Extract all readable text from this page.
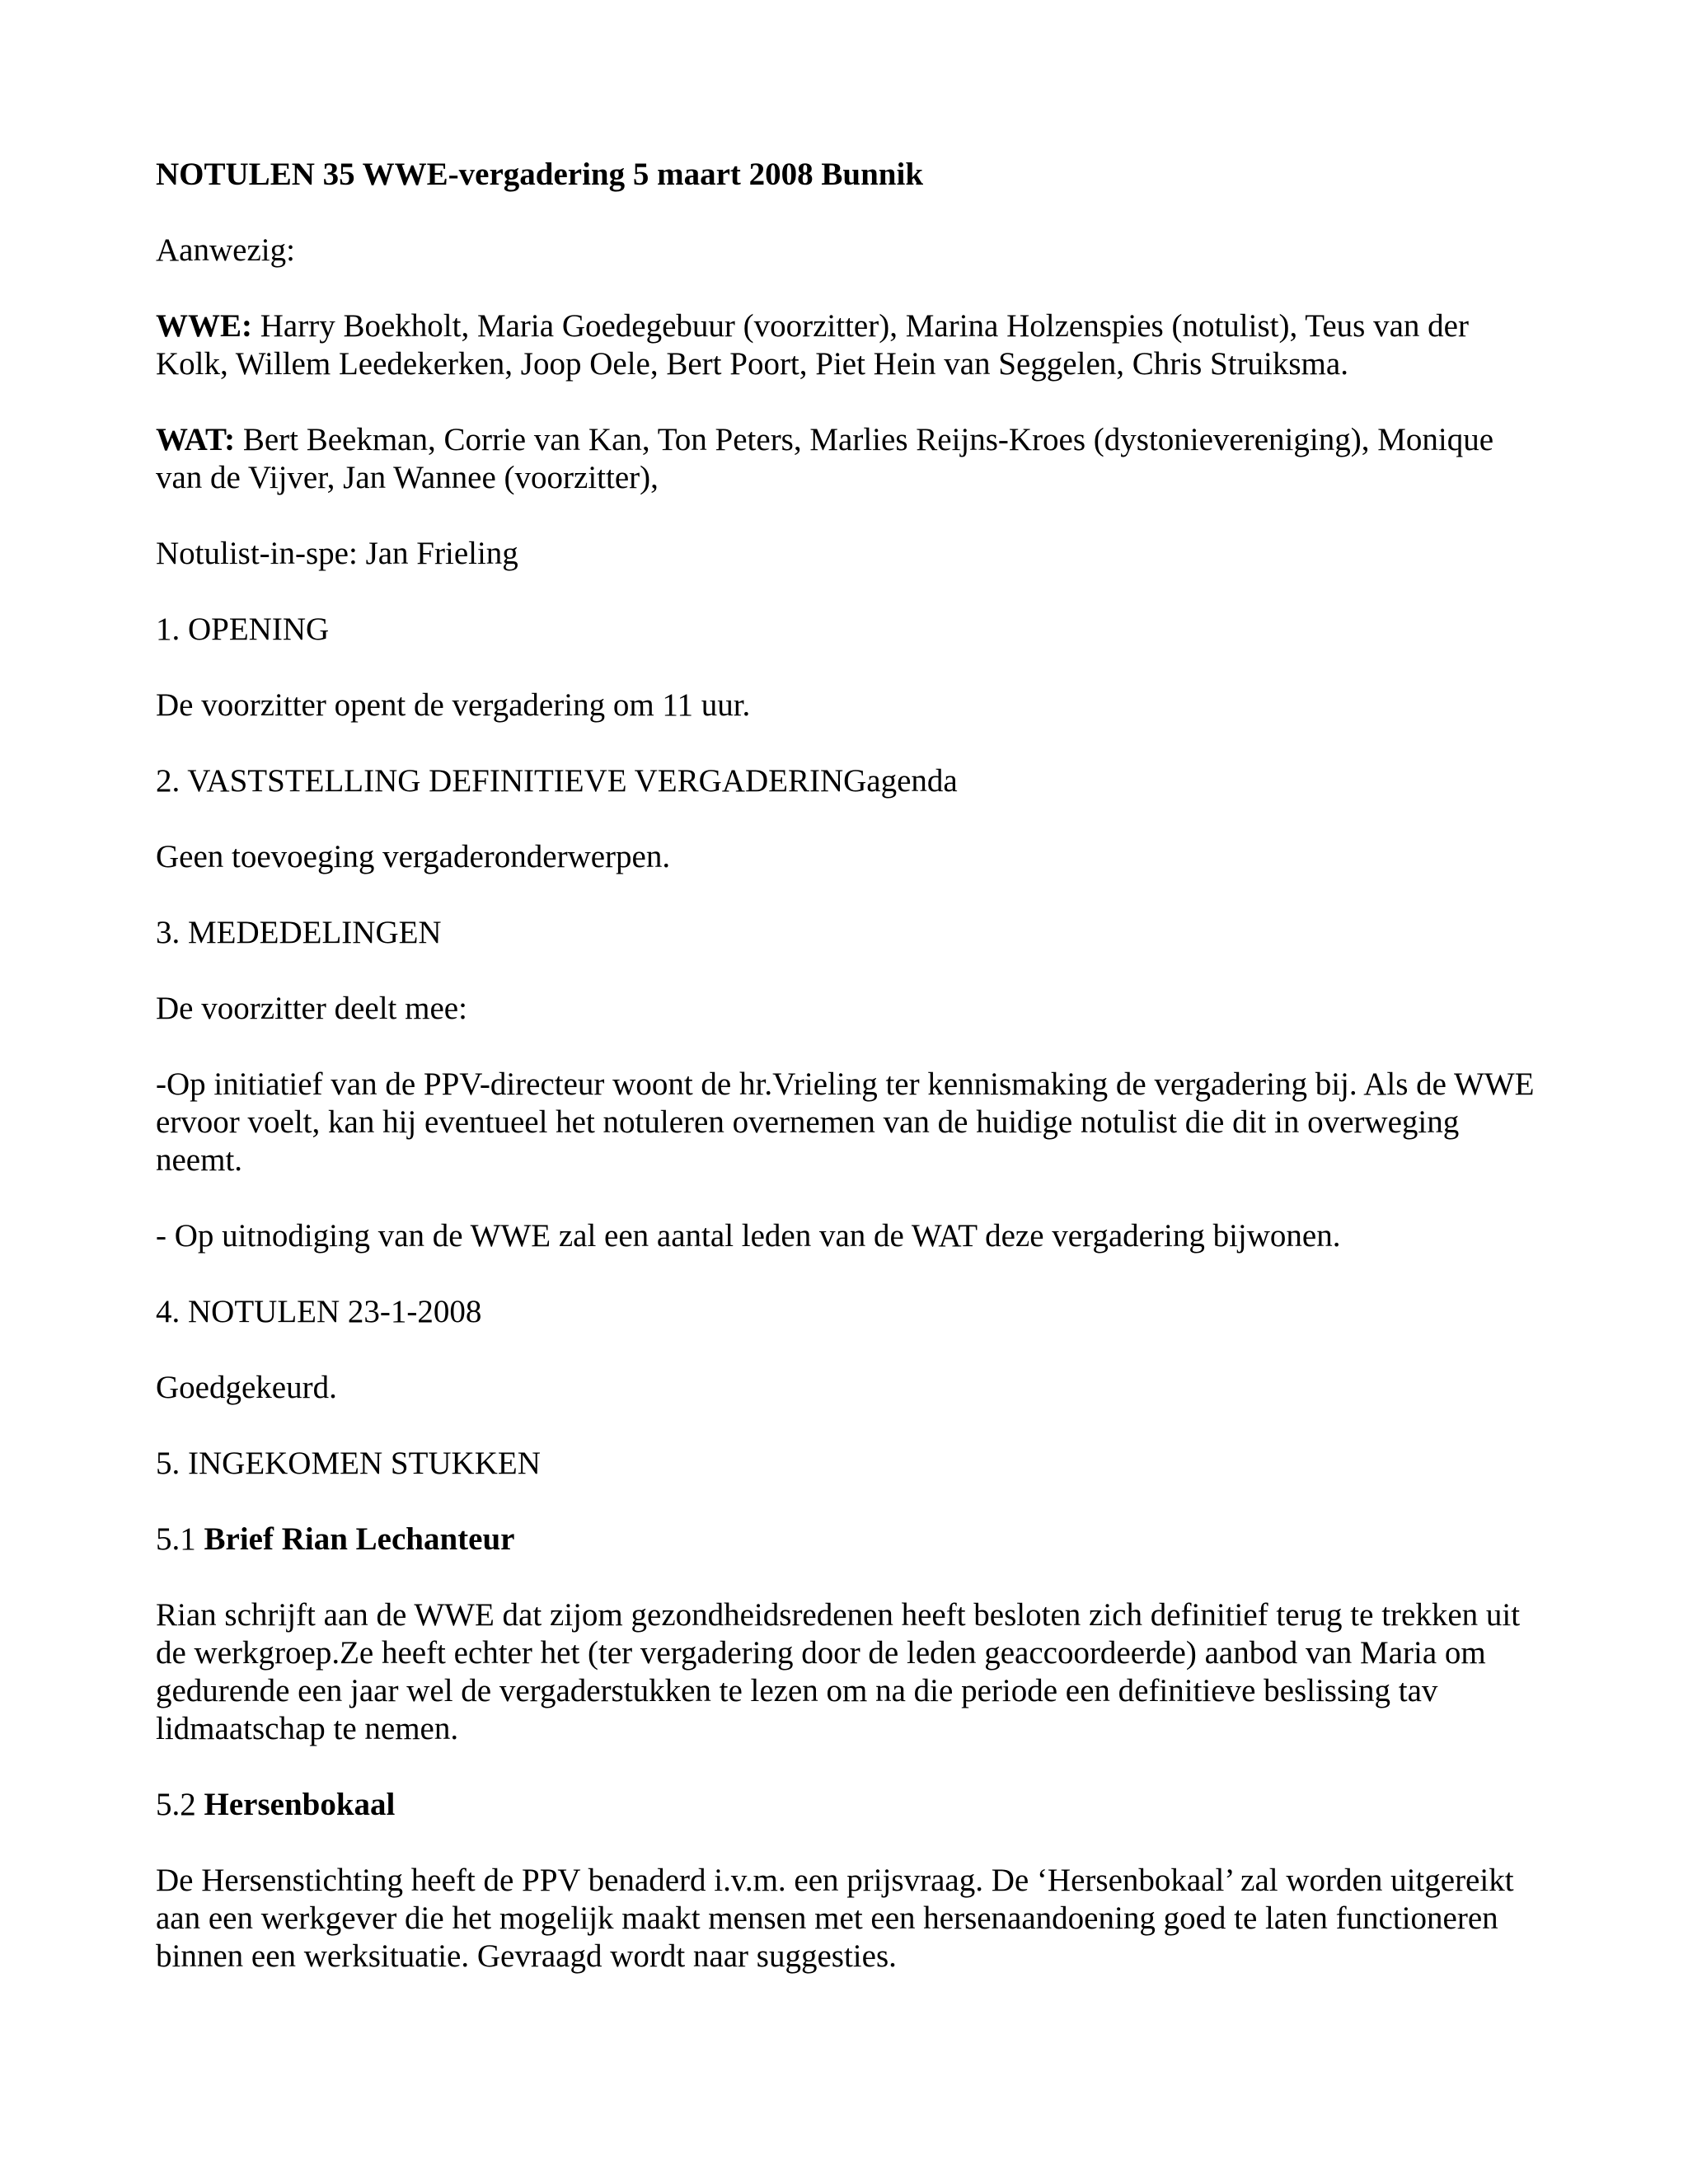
NOTULEN 35 WWE-vergadering 5 maart 2008 Bunnik

Aanwezig:

WWE: Harry Boekholt, Maria Goedegebuur (voorzitter), Marina Holzenspies (notulist), Teus van der Kolk, Willem Leedekerken, Joop Oele, Bert Poort, Piet Hein van Seggelen, Chris Struiksma.

WAT: Bert Beekman, Corrie van Kan, Ton Peters, Marlies Reijns-Kroes (dystonievereniging), Monique van de Vijver, Jan Wannee (voorzitter),

Notulist-in-spe: Jan Frieling

1. OPENING

De voorzitter opent de vergadering om 11 uur.

2. VASTSTELLING DEFINITIEVE VERGADERINGagenda

Geen toevoeging vergaderonderwerpen.

3. MEDEDELINGEN

De voorzitter deelt mee:

-Op initiatief van de PPV-directeur woont de hr.Vrieling ter kennismaking de vergadering bij. Als de WWE ervoor voelt, kan hij eventueel het notuleren overnemen van de huidige notulist die dit in overweging neemt.

- Op uitnodiging van de WWE zal een aantal leden van de WAT deze vergadering bijwonen.

4. NOTULEN 23-1-2008

Goedgekeurd.

5. INGEKOMEN STUKKEN

5.1 Brief Rian Lechanteur

Rian schrijft aan de WWE dat zijom gezondheidsredenen heeft besloten zich definitief terug te trekken uit de werkgroep.Ze heeft echter het (ter vergadering door de leden geaccoordeerde) aanbod van Maria om gedurende een jaar wel de vergaderstukken te lezen om na die periode een definitieve beslissing tav lidmaatschap te nemen.

5.2 Hersenbokaal

De Hersenstichting heeft de PPV benaderd i.v.m. een prijsvraag. De ‘Hersenbokaal’ zal worden uitgereikt aan een werkgever die het mogelijk maakt mensen met een hersenaandoening goed te laten functioneren binnen een werksituatie. Gevraagd wordt naar suggesties.
